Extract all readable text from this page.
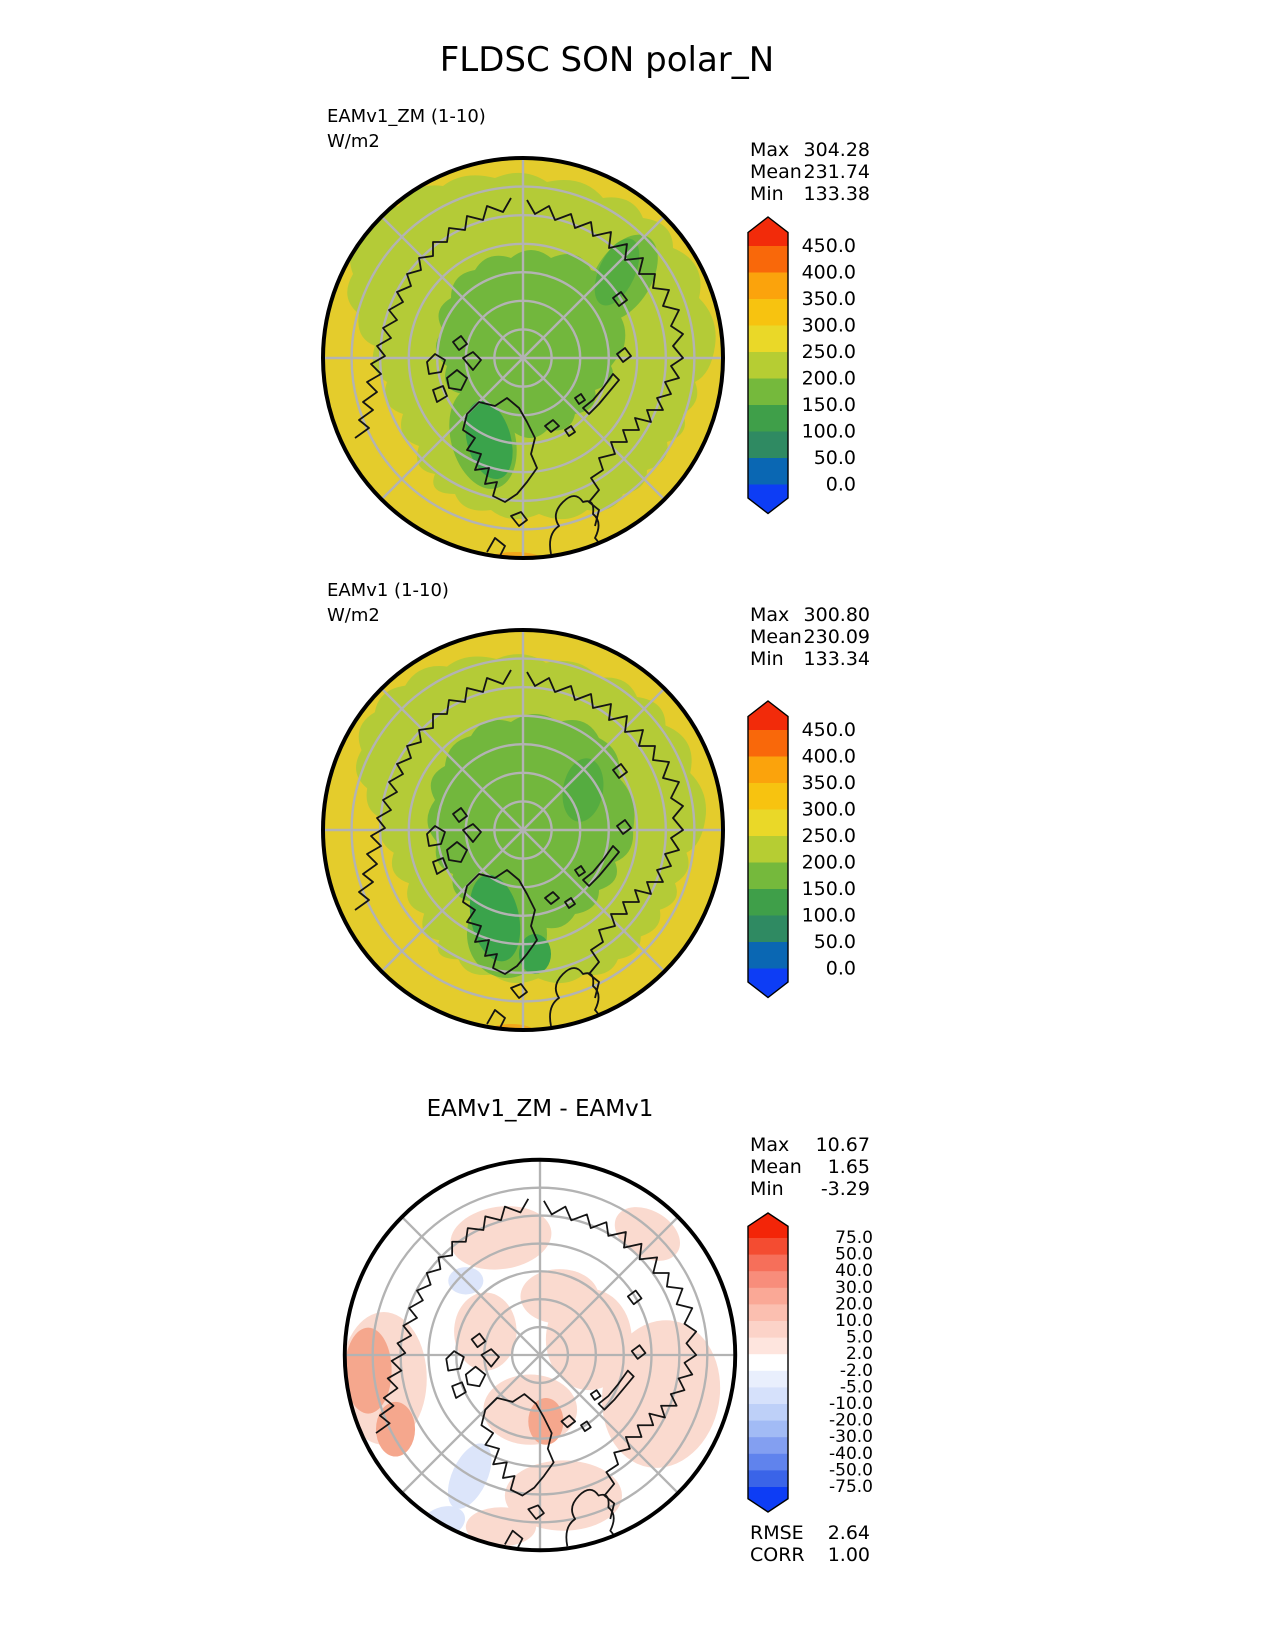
FLDSC SON polar_N
EAMv1_ZM (1-10)
W/m2	Max 304.28
Mean 231.74
Min 133.38
450.0
400.0
350.0
300.0
250.0
200.0
150.0
100.0
50.0
0.0
EAMv1 (1-10)
W/m2	Max 300.80
Mean 230.09
Min 133.34
450.0
400.0
350.0
300.0
250.0
200.0
150.0
100.0
50.0
0.0
EAMv1_ZM - EAMv1
Max 10.67
Mean 1.65
Min -3.29
75.0
50.0
40.0
30.0
20.0
10.0
5.0
2.0
-2.0
-5.0
-10.0
-20.0
-30.0
-40.0
-50.0
-75.0
RMSE 2.64
CORR 1.00
